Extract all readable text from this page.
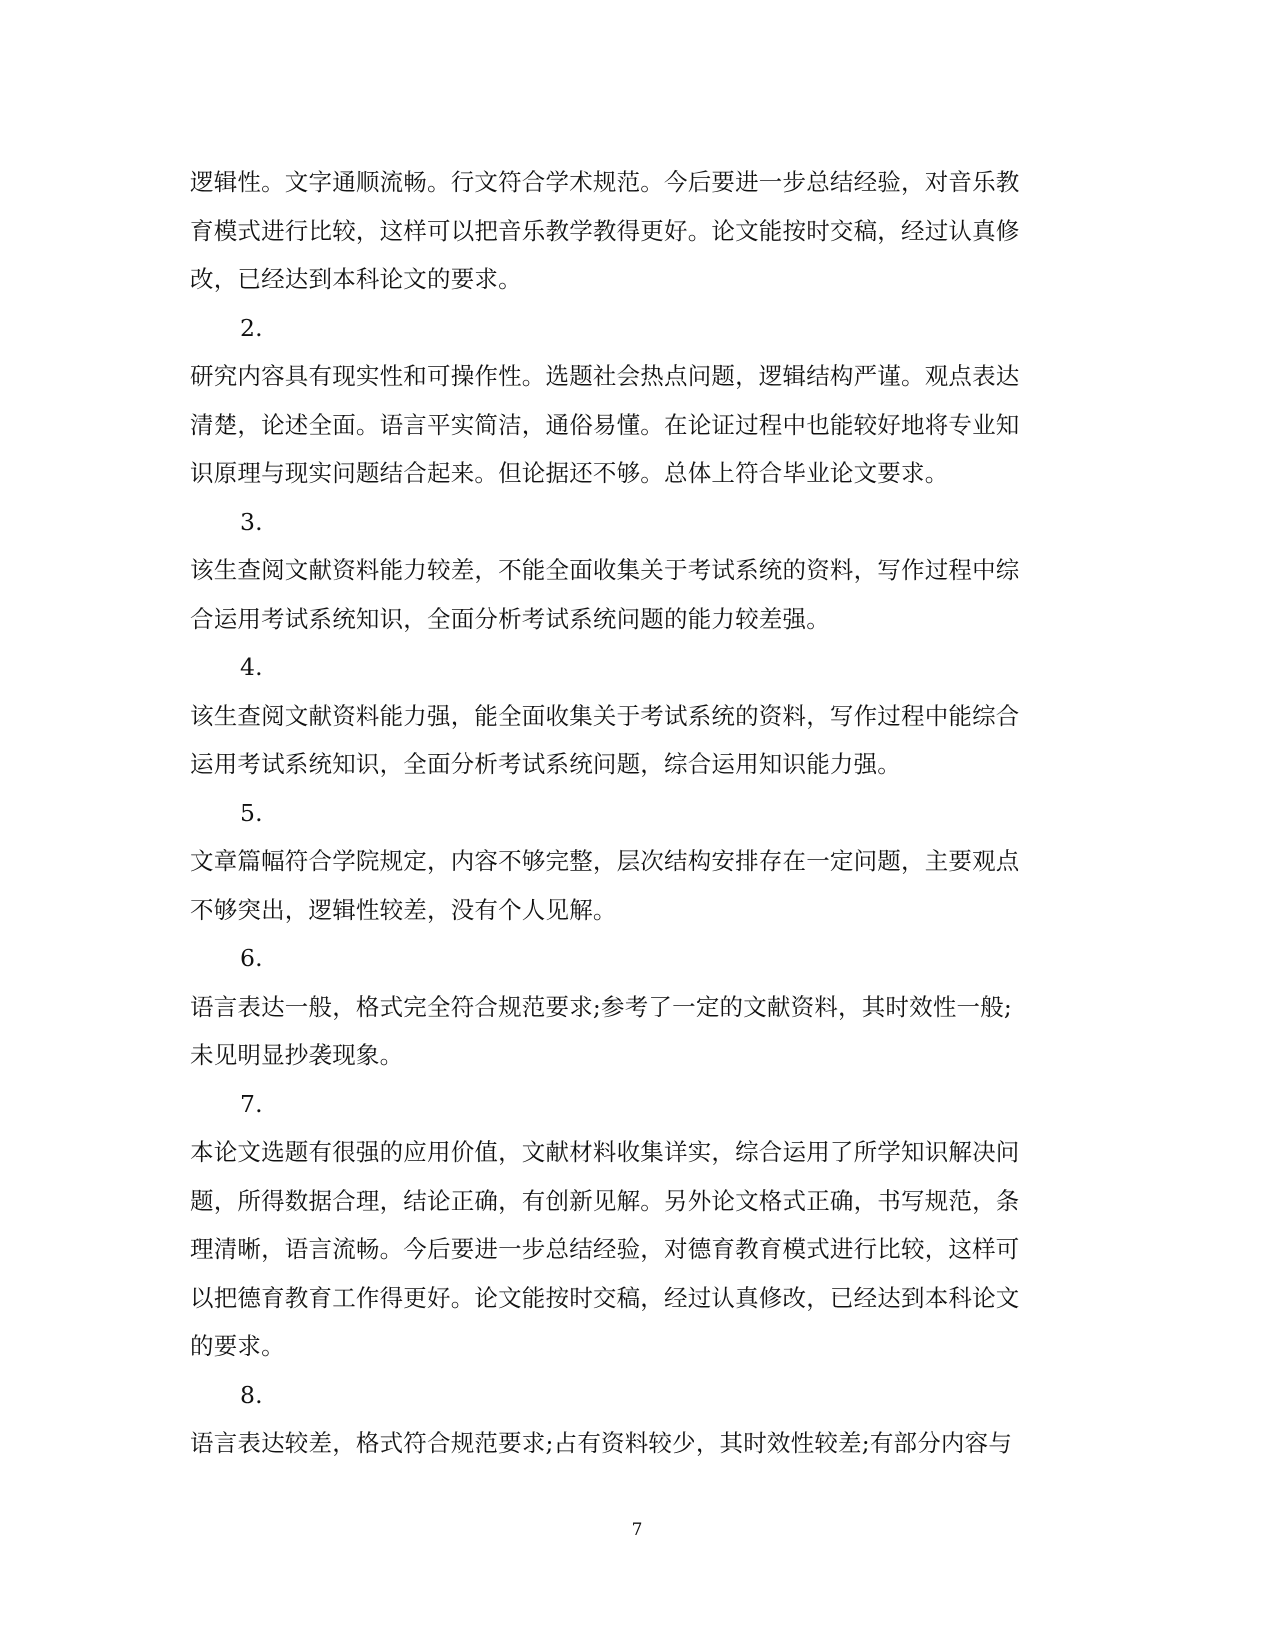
逻辑性。文字通顺流畅。行文符合学术规范。今后要进一步总结经验，对音乐教
育模式进行比较，这样可以把音乐教学教得更好。论文能按时交稿，经过认真修
改，已经达到本科论文的要求。
2.
研究内容具有现实性和可操作性。选题社会热点问题，逻辑结构严谨。观点表达
清楚，论述全面。语言平实简洁，通俗易懂。在论证过程中也能较好地将专业知
识原理与现实问题结合起来。但论据还不够。总体上符合毕业论文要求。
3.
该生查阅文献资料能力较差，不能全面收集关于考试系统的资料，写作过程中综
合运用考试系统知识，全面分析考试系统问题的能力较差强。
4.
该生查阅文献资料能力强，能全面收集关于考试系统的资料，写作过程中能综合
运用考试系统知识，全面分析考试系统问题，综合运用知识能力强。
5.
文章篇幅符合学院规定，内容不够完整，层次结构安排存在一定问题，主要观点
不够突出，逻辑性较差，没有个人见解。
6.
语言表达一般，格式完全符合规范要求;参考了一定的文献资料，其时效性一般;
未见明显抄袭现象。
7.
本论文选题有很强的应用价值，文献材料收集详实，综合运用了所学知识解决问
题，所得数据合理，结论正确，有创新见解。另外论文格式正确，书写规范，条
理清晰，语言流畅。今后要进一步总结经验，对德育教育模式进行比较，这样可
以把德育教育工作得更好。论文能按时交稿，经过认真修改，已经达到本科论文
的要求。
8.
语言表达较差，格式符合规范要求;占有资料较少，其时效性较差;有部分内容与
7
